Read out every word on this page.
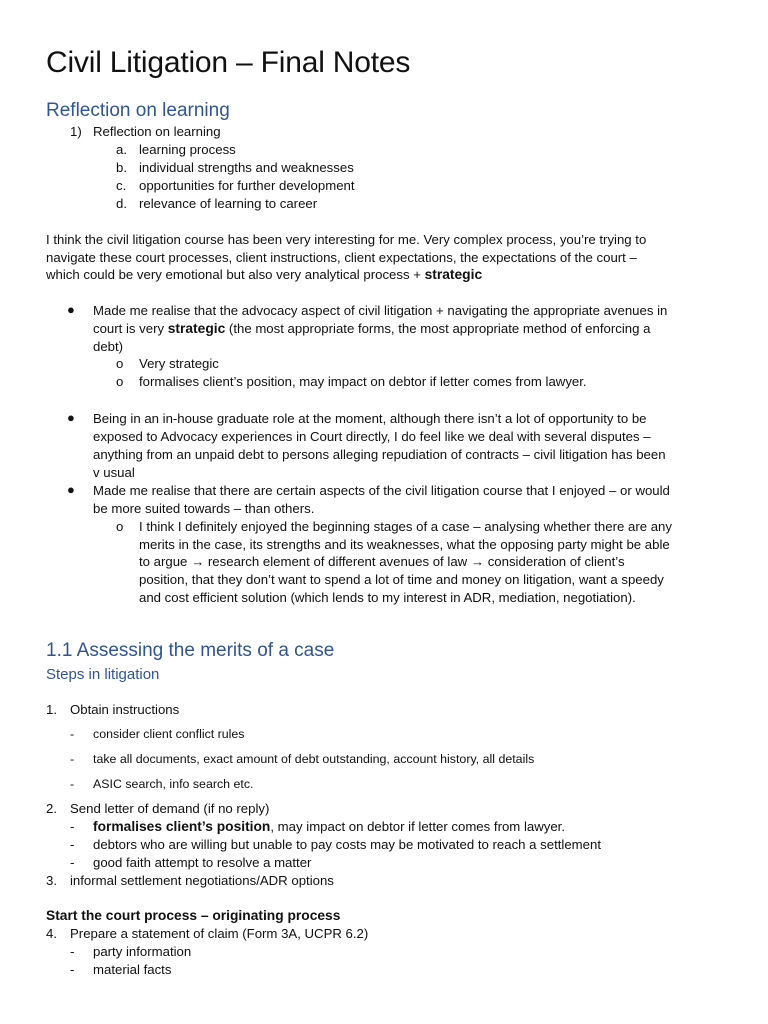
Civil Litigation – Final Notes
Reflection on learning
1) Reflection on learning
a. learning process
b. individual strengths and weaknesses
c. opportunities for further development
d. relevance of learning to career
I think the civil litigation course has been very interesting for me. Very complex process, you’re trying to
navigate these court processes, client instructions, client expectations, the expectations of the court –
which could be very emotional but also very analytical process + strategic
● Made me realise that the advocacy aspect of civil litigation + navigating the appropriate avenues in
court is very strategic (the most appropriate forms, the most appropriate method of enforcing a
debt)
o Very strategic
o formalises client’s position, may impact on debtor if letter comes from lawyer.
● Being in an in-house graduate role at the moment, although there isn’t a lot of opportunity to be
exposed to Advocacy experiences in Court directly, I do feel like we deal with several disputes –
anything from an unpaid debt to persons alleging repudiation of contracts – civil litigation has been
v usual
● Made me realise that there are certain aspects of the civil litigation course that I enjoyed – or would
be more suited towards – than others.
o I think I definitely enjoyed the beginning stages of a case – analysing whether there are any
merits in the case, its strengths and its weaknesses, what the opposing party might be able
to argue → research element of different avenues of law → consideration of client’s
position, that they don’t want to spend a lot of time and money on litigation, want a speedy
and cost efficient solution (which lends to my interest in ADR, mediation, negotiation).
1.1 Assessing the merits of a case
Steps in litigation
1. Obtain instructions
- consider client conflict rules
- take all documents, exact amount of debt outstanding, account history, all details
- ASIC search, info search etc.
2. Send letter of demand (if no reply)
- formalises client’s position, may impact on debtor if letter comes from lawyer.
- debtors who are willing but unable to pay costs may be motivated to reach a settlement
- good faith attempt to resolve a matter
3. informal settlement negotiations/ADR options
Start the court process – originating process
4. Prepare a statement of claim (Form 3A, UCPR 6.2)
- party information
- material facts
